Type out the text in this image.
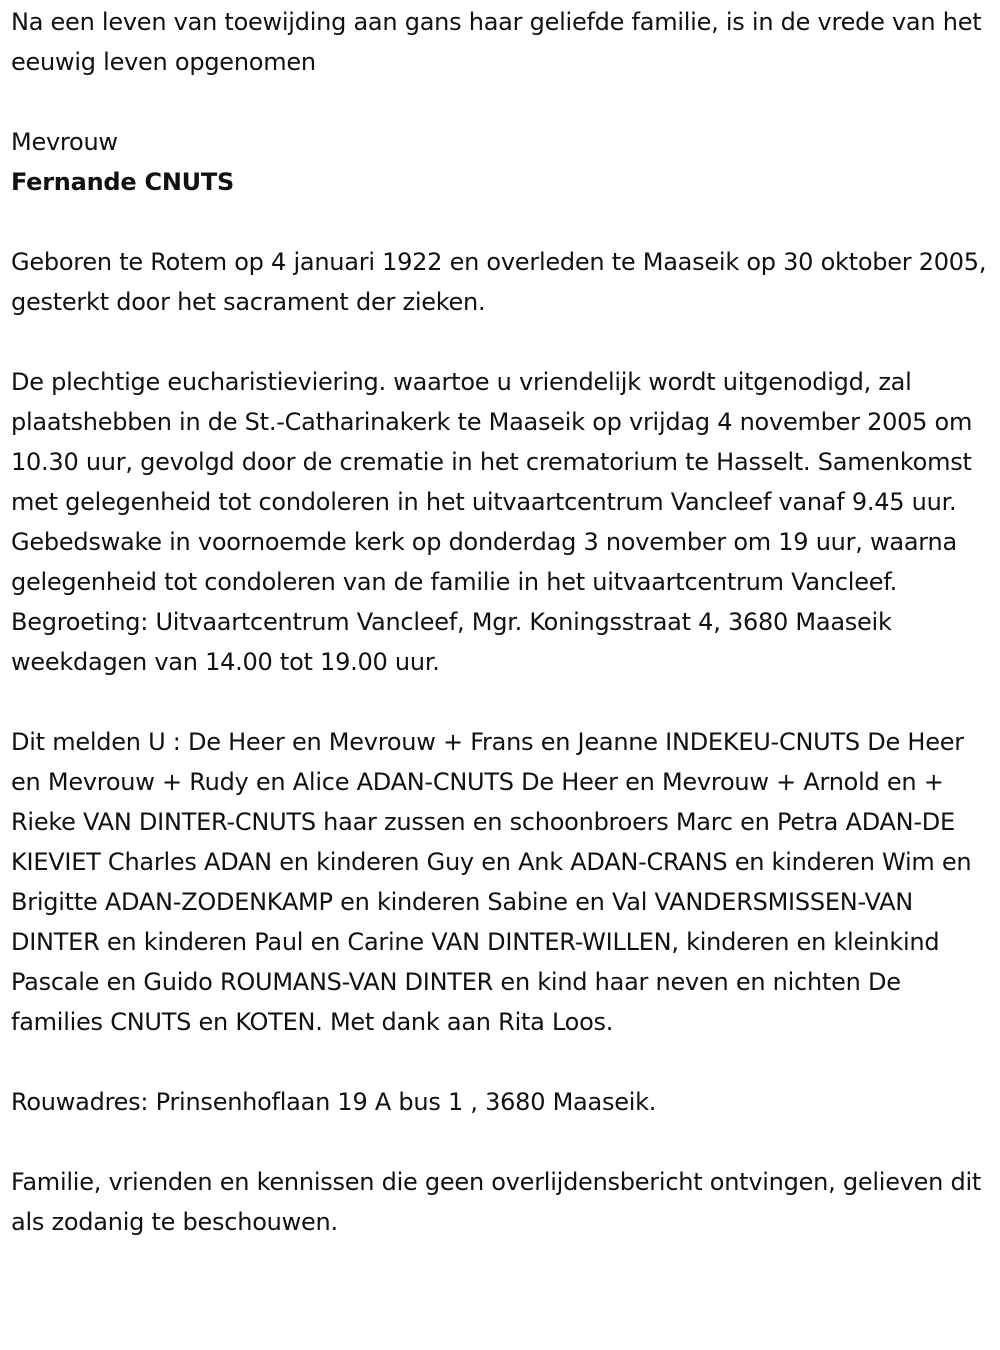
Na een leven van toewijding aan gans haar geliefde familie, is in de vrede van het eeuwig leven opgenomen

Mevrouw

Fernande CNUTS

Geboren te Rotem op 4 januari 1922 en overleden te Maaseik op 30 oktober 2005, gesterkt door het sacrament der zieken.

De plechtige eucharistieviering. waartoe u vriendelijk wordt uitgenodigd, zal plaatshebben in de St.-Catharinakerk te Maaseik op vrijdag 4 november 2005 om 10.30 uur, gevolgd door de crematie in het crematorium te Hasselt. Samenkomst met gelegenheid tot condoleren in het uitvaartcentrum Vancleef vanaf 9.45 uur. Gebedswake in voornoemde kerk op donderdag 3 november om 19 uur, waarna gelegenheid tot condoleren van de familie in het uitvaartcentrum Vancleef. Begroeting: Uitvaartcentrum Vancleef, Mgr. Koningsstraat 4, 3680 Maaseik weekdagen van 14.00 tot 19.00 uur.

Dit melden U : De Heer en Mevrouw + Frans en Jeanne INDEKEU-CNUTS De Heer en Mevrouw + Rudy en Alice ADAN-CNUTS De Heer en Mevrouw + Arnold en + Rieke VAN DINTER-CNUTS haar zussen en schoonbroers Marc en Petra ADAN-DE KIEVIET Charles ADAN en kinderen Guy en Ank ADAN-CRANS en kinderen Wim en Brigitte ADAN-ZODENKAMP en kinderen Sabine en Val VANDERSMISSEN-VAN DINTER en kinderen Paul en Carine VAN DINTER-WILLEN, kinderen en kleinkind Pascale en Guido ROUMANS-VAN DINTER en kind haar neven en nichten De families CNUTS en KOTEN. Met dank aan Rita Loos.

Rouwadres: Prinsenhoflaan 19 A bus 1 , 3680 Maaseik.

Familie, vrienden en kennissen die geen overlijdensbericht ontvingen, gelieven dit als zodanig te beschouwen.
